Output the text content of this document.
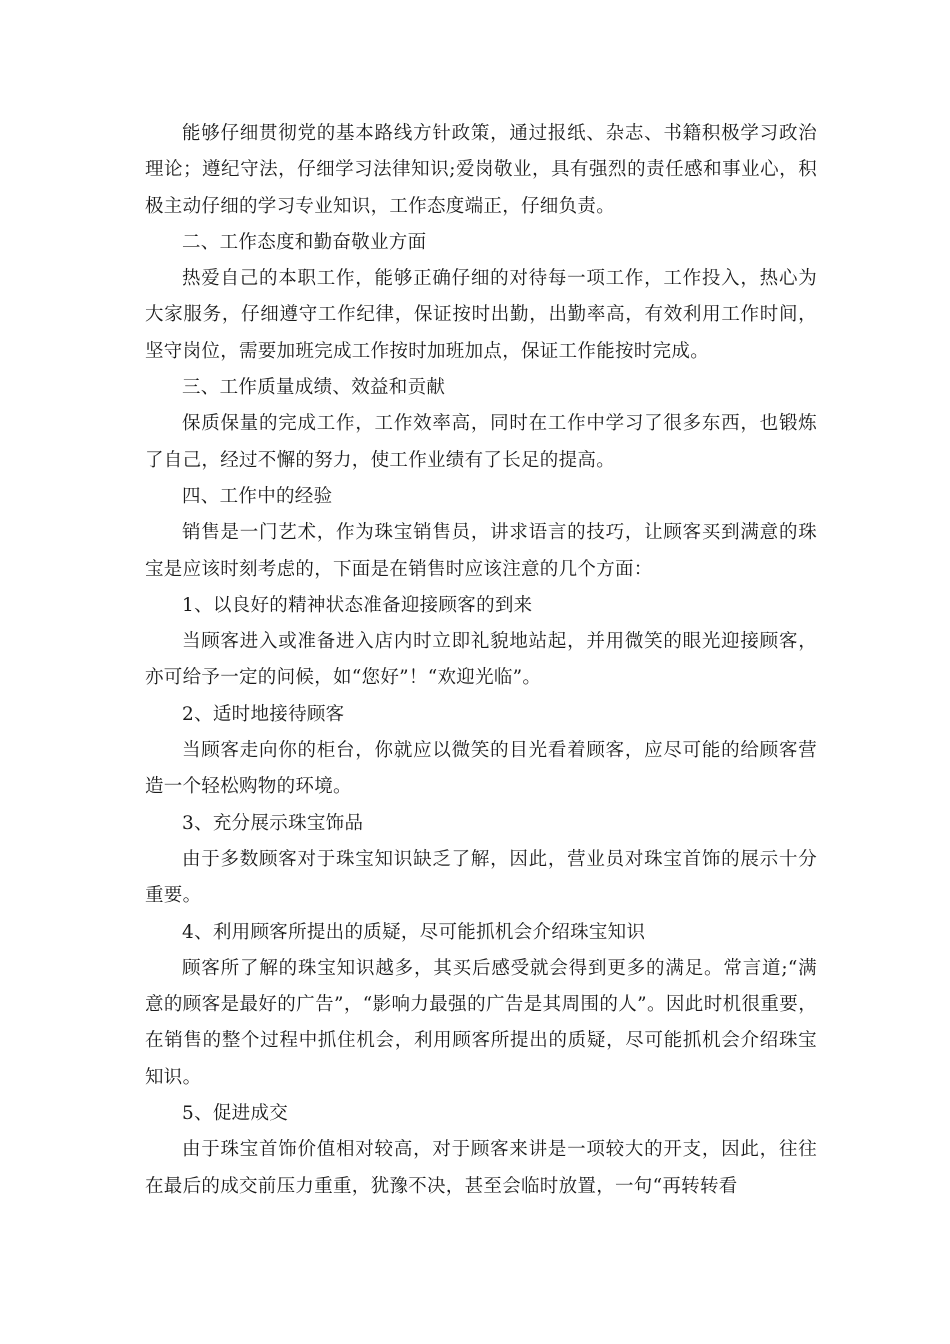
能够仔细贯彻党的基本路线方针政策，通过报纸、杂志、书籍积极学习政治理论；遵纪守法，仔细学习法律知识;爱岗敬业，具有强烈的责任感和事业心，积极主动仔细的学习专业知识，工作态度端正，仔细负责。

二、工作态度和勤奋敬业方面

热爱自己的本职工作，能够正确仔细的对待每一项工作，工作投入，热心为大家服务，仔细遵守工作纪律，保证按时出勤，出勤率高，有效利用工作时间，坚守岗位，需要加班完成工作按时加班加点，保证工作能按时完成。

三、工作质量成绩、效益和贡献

保质保量的完成工作，工作效率高，同时在工作中学习了很多东西，也锻炼了自己，经过不懈的努力，使工作业绩有了长足的提高。

四、工作中的经验

销售是一门艺术，作为珠宝销售员，讲求语言的技巧，让顾客买到满意的珠宝是应该时刻考虑的，下面是在销售时应该注意的几个方面：

1、以良好的精神状态准备迎接顾客的到来

当顾客进入或准备进入店内时立即礼貌地站起，并用微笑的眼光迎接顾客，亦可给予一定的问候，如“您好”！“欢迎光临”。

2、适时地接待顾客

当顾客走向你的柜台，你就应以微笑的目光看着顾客，应尽可能的给顾客营造一个轻松购物的环境。

3、充分展示珠宝饰品

由于多数顾客对于珠宝知识缺乏了解，因此，营业员对珠宝首饰的展示十分重要。

4、利用顾客所提出的质疑，尽可能抓机会介绍珠宝知识

顾客所了解的珠宝知识越多，其买后感受就会得到更多的满足。常言道;“满意的顾客是最好的广告”，“影响力最强的广告是其周围的人”。因此时机很重要，在销售的整个过程中抓住机会，利用顾客所提出的质疑，尽可能抓机会介绍珠宝知识。

5、促进成交

由于珠宝首饰价值相对较高，对于顾客来讲是一项较大的开支，因此，往往在最后的成交前压力重重，犹豫不决，甚至会临时放置，一句“再转转看
